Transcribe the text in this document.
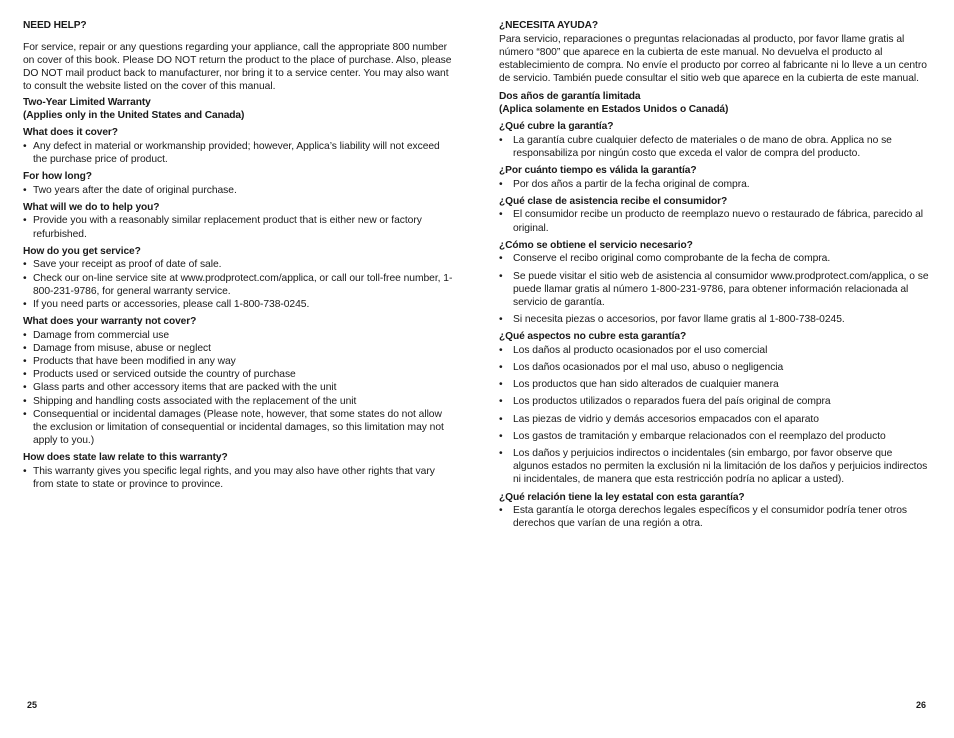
NEED HELP?

For service, repair or any questions regarding your appliance, call the appropriate 800 number on cover of this book. Please DO NOT return the product to the place of purchase. Also, please DO NOT mail product back to manufacturer, nor bring it to a service center. You may also want to consult the website listed on the cover of this manual.

Two-Year Limited Warranty

(Applies only in the United States and Canada)

What does it cover?

• Any defect in material or workmanship provided; however, Applica’s liability will not exceed the purchase price of product.

For how long?

• Two years after the date of original purchase.

What will we do to help you?

• Provide you with a reasonably similar replacement product that is either new or factory refurbished.

How do you get service?

• Save your receipt as proof of date of sale.
• Check our on-line service site at www.prodprotect.com/applica, or call our toll-free number, 1-800-231-9786, for general warranty service.
• If you need parts or accessories, please call 1-800-738-0245.

What does your warranty not cover?

• Damage from commercial use
• Damage from misuse, abuse or neglect
• Products that have been modified in any way
• Products used or serviced outside the country of purchase
• Glass parts and other accessory items that are packed with the unit
• Shipping and handling costs associated with the replacement of the unit
• Consequential or incidental damages (Please note, however, that some states do not allow the exclusion or limitation of consequential or incidental damages, so this limitation may not apply to you.)

How does state law relate to this warranty?

• This warranty gives you specific legal rights, and you may also have other rights that vary from state to state or province to province.

¿NECESITA AYUDA?

Para servicio, reparaciones o preguntas relacionadas al producto, por favor llame gratis al número “800” que aparece en la cubierta de este manual. No devuelva el producto al establecimiento de compra. No envíe el producto por correo al fabricante ni lo lleve a un centro de servicio. También puede consultar el sitio web que aparece en la cubierta de este manual.

Dos años de garantía limitada

(Aplica solamente en Estados Unidos o Canadá)

¿Qué cubre la garantía?

• La garantía cubre cualquier defecto de materiales o de mano de obra. Applica no se responsabiliza por ningún costo que exceda el valor de compra del producto.

¿Por cuánto tiempo es válida la garantía?

• Por dos años a partir de la fecha original de compra.

¿Qué clase de asistencia recibe el consumidor?

• El consumidor recibe un producto de reemplazo nuevo o restaurado de fábrica, parecido al original.

¿Cómo se obtiene el servicio necesario?

• Conserve el recibo original como comprobante de la fecha de compra.
• Se puede visitar el sitio web de asistencia al consumidor www.prodprotect.com/applica, o se puede llamar gratis al número 1-800-231-9786, para obtener información relacionada al servicio de garantía.
• Si necesita piezas o accesorios, por favor llame gratis al 1-800-738-0245.

¿Qué aspectos no cubre esta garantía?

• Los daños al producto ocasionados por el uso comercial
• Los daños ocasionados por el mal uso, abuso o negligencia
• Los productos que han sido alterados de cualquier manera
• Los productos utilizados o reparados fuera del país original de compra
• Las piezas de vidrio y demás accesorios empacados con el aparato
• Los gastos de tramitación y embarque relacionados con el reemplazo del producto
• Los daños y perjuicios indirectos o incidentales (sin embargo, por favor observe que algunos estados no permiten la exclusión ni la limitación de los daños y perjuicios indirectos ni incidentales, de manera que esta restricción podría no aplicar a usted).

¿Qué relación tiene la ley estatal con esta garantía?

• Esta garantía le otorga derechos legales específicos y el consumidor podría tener otros derechos que varían de una región a otra.
25	26
